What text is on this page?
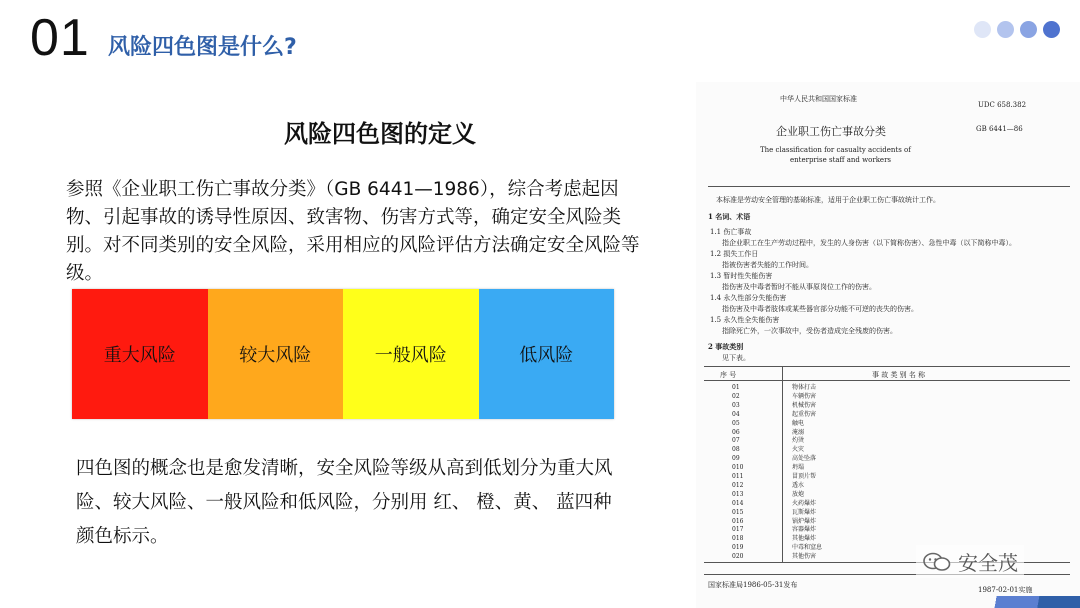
01 风险四色图是什么?
风险四色图的定义
参照《企业职工伤亡事故分类》（GB 6441—1986），综合考虑起因物、引起事故的诱导性原因、致害物、伤害方式等，确定安全风险类别。对不同类别的安全风险，采用相应的风险评估方法确定安全风险等级。
重大风险	较大风险	一般风险	低风险
四色图的概念也是愈发清晰，安全风险等级从高到低划分为重大风险、较大风险、一般风险和低风险，分别用 红、 橙、黄、 蓝四种颜色标示。
中华人民共和国国家标准
UDC 658.382
企业职工伤亡事故分类	GB 6441—86
The classification for casualty accidents of
enterprise staff and workers
本标准是劳动安全管理的基础标准，适用于企业职工伤亡事故统计工作。
1 名词、术语
1.1 伤亡事故
指企业职工在生产劳动过程中，发生的人身伤害（以下简称伤害）、急性中毒（以下简称中毒）。
1.2 损失工作日
指被伤害者失能的工作时间。
1.3 暂时性失能伤害
指伤害及中毒者暂时不能从事原岗位工作的伤害。
1.4 永久性部分失能伤害
指伤害及中毒者肢体或某些器官部分功能不可逆的丧失的伤害。
1.5 永久性全失能伤害
指除死亡外，一次事故中，受伤者造成完全残废的伤害。
2 事故类别
见下表。
序 号	事 故 类 别 名 称
01	物体打击
02	车辆伤害
03	机械伤害
04	起重伤害
05	触电
06	淹溺
07	灼烫
08	火灾
09	高处坠落
010	坍塌
011	冒顶片帮
012	透水
013	放炮
014	火药爆炸
015	瓦斯爆炸
016	锅炉爆炸
017	容器爆炸
018	其他爆炸
019	中毒和窒息
020	其他伤害
国家标准局1986-05-31发布
1987-02-01实施
安全茂
